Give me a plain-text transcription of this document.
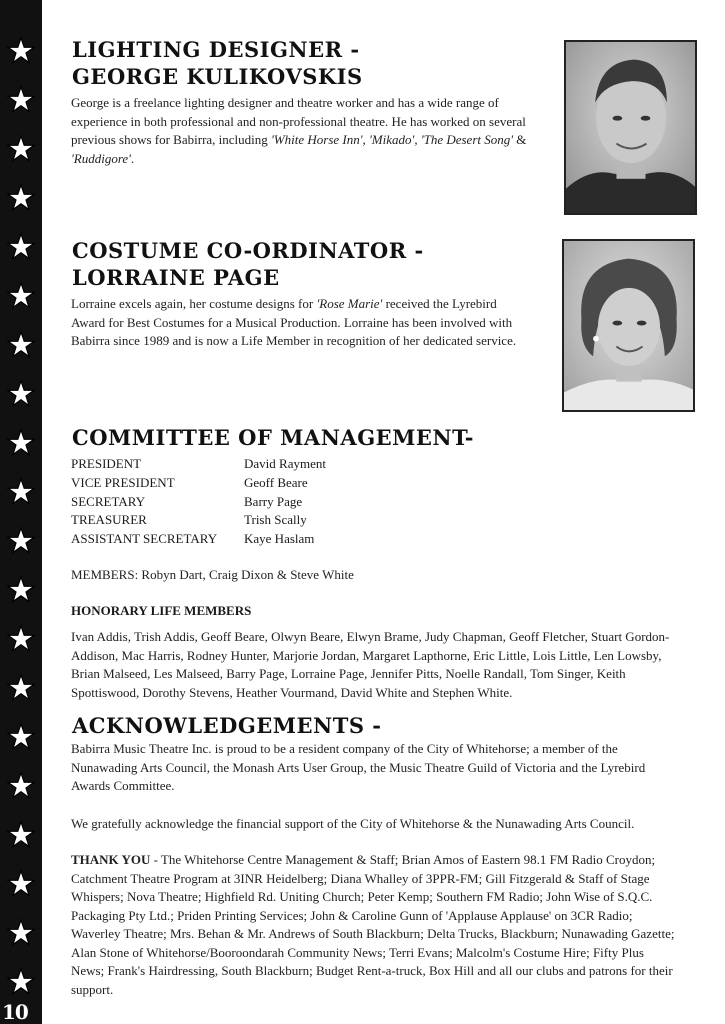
10
LIGHTING DESIGNER -
GEORGE KULIKOVSKIS

George is a freelance lighting designer and theatre worker and has a wide range of experience in both professional and non-professional theatre. He has worked on several previous shows for Babirra, including 'White Horse Inn', 'Mikado', 'The Desert Song' & 'Ruddigore'.

COSTUME CO-ORDINATOR -
LORRAINE PAGE

Lorraine excels again, her costume designs for 'Rose Marie' received the Lyrebird Award for Best Costumes for a Musical Production. Lorraine has been involved with Babirra since 1989 and is now a Life Member in recognition of her dedicated service.

COMMITTEE OF MANAGEMENT-
PRESIDENT	David Rayment
VICE PRESIDENT	Geoff Beare
SECRETARY	Barry Page
TREASURER	Trish Scally
ASSISTANT SECRETARY	Kaye Haslam

MEMBERS: Robyn Dart, Craig Dixon & Steve White

HONORARY LIFE MEMBERS

Ivan Addis, Trish Addis, Geoff Beare, Olwyn Beare, Elwyn Brame, Judy Chapman, Geoff Fletcher, Stuart Gordon-Addison, Mac Harris, Rodney Hunter, Marjorie Jordan, Margaret Lapthorne, Eric Little, Lois Little, Len Lowsby, Brian Malseed, Les Malseed, Barry Page, Lorraine Page, Jennifer Pitts, Noelle Randall, Tom Singer, Keith Spottiswood, Dorothy Stevens, Heather Vourmand, David White and Stephen White.

ACKNOWLEDGEMENTS -

Babirra Music Theatre Inc. is proud to be a resident company of the City of Whitehorse; a member of the Nunawading Arts Council, the Monash Arts User Group, the Music Theatre Guild of Victoria and the Lyrebird Awards Committee.

We gratefully acknowledge the financial support of the City of Whitehorse & the Nunawading Arts Council.

THANK YOU - The Whitehorse Centre Management & Staff; Brian Amos of Eastern 98.1 FM Radio Croydon; Catchment Theatre Program at 3INR Heidelberg; Diana Whalley of 3PPR-FM; Gill Fitzgerald & Staff of Stage Whispers; Nova Theatre; Highfield Rd. Uniting Church; Peter Kemp; Southern FM Radio; John Wise of S.Q.C. Packaging Pty Ltd.; Priden Printing Services; John & Caroline Gunn of 'Applause Applause' on 3CR Radio; Waverley Theatre; Mrs. Behan & Mr. Andrews of South Blackburn; Delta Trucks, Blackburn; Nunawading Gazette; Alan Stone of Whitehorse/Booroondarah Community News; Terri Evans; Malcolm's Costume Hire; Fifty Plus News; Frank's Hairdressing, South Blackburn; Budget Rent-a-truck, Box Hill and all our clubs and patrons for their support.
